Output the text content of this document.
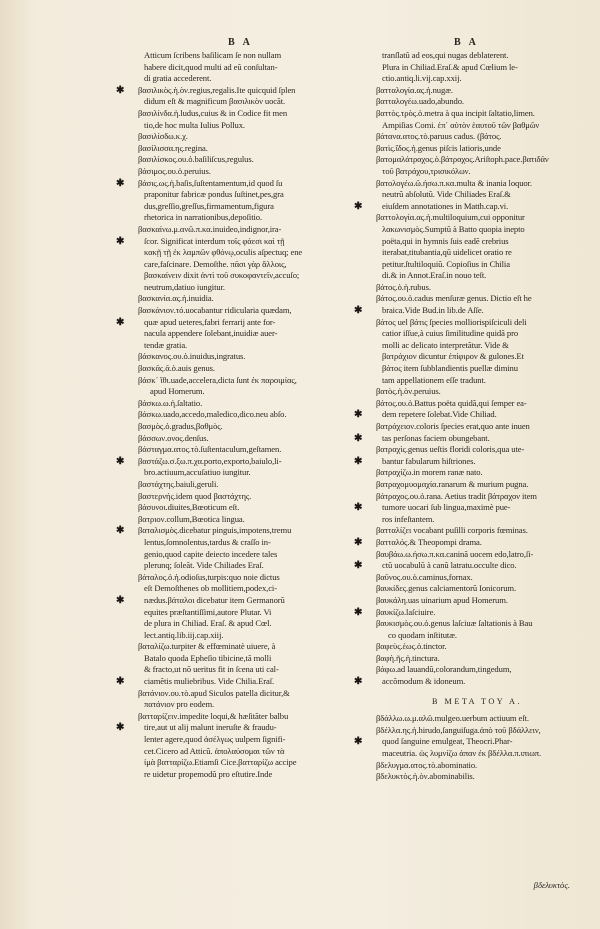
B A	B A
Atticum ſcribens baſilicam ſe non nullam
habere dicit,quod multi ad eũ conſultan-
di gratia accederent.
✱ βασιλικὸς.ἡ.ὸν.regius,regalis.Ite quicquid ſplen
didum eſt & magnificum βασιλικὸν uocãt.
βασιλίνδα.ἡ.ludus,cuius & in Codice fit men
tio,de hoc multa Iulius Pollux.
βασιλίσδω.κ.χ.
βασίλισσα.ης.regina.
βασιλίσκος.ου.ὁ.baſiliſcus,regulus.
βάσιμος.ου.ὁ.peruius.
✱ βάσις.ως.ἡ.baſis,ſuſtentamentum,id quod ſu
praponitur fabricæ pondus ſuſtinet,pes,gra
dus,greſſio,greſſus,firmamentum,figura
rhetorica in narrationibus,depoſitio.
βασκαίνω.μ.ανῶ.π.κα.inuideo,indignor,ira-
✱ ſcor. Significat interdum τοῖς φάεσι καὶ τῇ
κακῇ τῇ ἐκ λαμπῶν φθόνῳ,oculis aſpectuq; ene
care,faſcinare. Demoſthe. πᾶσι γὰρ ἄλλοις,
βασκαίνειν dixit ἀντὶ τοῦ συκοφαντεῖν,accuſo;
neutrum,datiuo iungitur.
βασκανία.ας.ἡ.inuidia.
βασκάνιον.τό.uocabantur ridicularia quædam,
✱ quæ apud ueteres,fabri ferrarij ante for-
nacula appendere ſolebant,inuidiæ auer-
tendæ gratia.
βάσκανος.ου.ὁ.inuidus,ingratus.
βασκᾶς.ᾶ.ὁ.auis genus.
βάσκ᾽ ἴθι.uade,accelera,dicta ſunt ἐκ παροιμίας,
apud Homerum.
βάσκω.ω.ἡ.ſaltatio.
βάσκω.uado,accedo,maledico,dico.neu abſo.
βασμὸς.ὁ.gradus,βαθμὸς.
βάσσων.ονος.denſus.
βάσταγμα.ατος.τὸ.ſuſtentaculum,geſtamen.
✱ βαστάζω.σ.ξω.π.χα.porto,exporto,baiulo,li-
bro.actiuum,accuſatiuo iungitur.
βαστάχτης.baiuli,geruli.
βαστερνής.idem quod βαστάχτης.
βάσυνοι.diuites,Bœoticum eſt.
βατριον.collum,Bœotica lingua.
✱ βαταλισμὸς.dicebatur pinguis,impotens,tremu
lentus,ſomnolentus,tardus & craſſo in-
genio,quod capite deiecto incedere tales
plerunq; ſoleãt. Vide Chiliades Eraſ.
βάταλος.ὁ.ἡ.odioſus,turpis:quo noie dictus
eſt Demoſthenes ob mollitiem,podex,ci-
✱ nædus.βάταλοι dicebatur item Germanorũ
equites præſtantiſſimi,autore Plutar. Vi
de plura in Chiliad. Eraſ. & apud Cœl.
lect.antiq.lib.iij.cap.xiij.
βαταλίζω.turpiter & effœminatè uiuere, à
Batalo quoda Epheſio tibicine,tã molli
& fracto,ut nõ ueritus fit in ſcena uti cal-
✱ ciamẽtis muliebribus. Vide Chilia.Eraſ.
βατάνιον.ου.τὸ.apud Siculos patella dicitur,&
πατάνιον pro eodem.
βατταρίζειν.impedite loqui,& hæſitãter balbu
✱ tire,aut ut alij malunt ineruſte & fraudu-
lenter agere,quod ἀσέλγως uulpem ſignifi-
cet.Cicero ad Atticũ. ἀπολαύσομαι τῶν τὰ
ἰμὰ βατταρίζω.Etiamſi Cice.βατταρίζω accipe
re uidetur propemodũ pro eſtutire.Inde
tranſlatũ ad eos,qui nugas deblaterent.
Plura in Chiliad.Eraſ.& apud Cœlium le-
ctio.antiq.li.vij.cap.xxij.
βατταλογία.ας.ἡ.nugæ.
βατταλογέω.uado,abundo.
βαττὸς.τρὸς.ὁ.metra à qua incipit ſaltatio,limen.
Ampiſias Comi. ἐπ᾽ αὐτὸν ἑαυτοῦ τῶν βαθμῶν
βάτανα.ατος.τὸ.paruus cadus. (βάτος.
βατὶς.ἴδος.ἡ.genus piſcis latioris,unde
βατομαλάτραχος.ὁ.βάτραχος.Ariſtoph.pace.βατιδᾶν
τοῦ βατράχου,τρισικόλων.
βατολογέω.ῶ.ήσω.π.κα.multa & inania loquor.
neutrũ abſolutũ. Vide Chiliades Eraſ.&
✱ eiuſdem annotationes in Matth.cap.vi.
βαττολογία.ας.ἡ.multiloquium,cui opponitur
λακωνισμὸς.Sumptũ à Batto quopia inepto
poëta,qui in hymnis ſuis eadẽ crebrius
iterabat,titubantia,qũ uidelicet oratio re
petitur.ſtultiloquiũ. Copioſius in Chilia
di.& in Annot.Eraſ.in nouo teſt.
βάτος.ὁ.ἡ.rubus.
βάτος.ου.ὁ.cadus menſuræ genus. Dictio eſt he
✱ braica.Vide Bud.in lib.de Aſſe.
βάτος uel βάτις ſpecies molliorispiſciculi deli
catior iſſue,à cuius ſimilitudine quidã pro
molli ac delicato interpretãtur. Vide &
βατράχιον dicuntur ἐπίφιρον & gulones.Et
βάτος item ſubblandientis puellæ diminu
tam appellationem eſſe tradunt.
βατὸς.ἡ.ὸν.peruius.
βάτος.ου.ὁ.Battus poëta quidã,qui ſemper ea-
✱ dem repetere ſolebat.Vide Chiliad.
βατράχειον.coloris ſpecies erat,quo ante inuen
✱ tas perſonas faciem obungebant.
βατραχὶς.genus ueſtis floridi coloris,qua ute-
✱ bantur fabularum hiſtriones.
βατραχίζω.in morem ranæ nato.
βατραχομυομαχία.ranarum & murium pugna.
βάτραχος.ου.ὁ.rana. Aetius tradit βάτραχον item
✱ tumore uocari ſub lingua,maximè pue-
ros infeſtantem.
βατταλίζει vocabant puſilli corporis fœminas.
✱ βατταλός.& Theopompi drama.
βαυβάω.ω.ήσω.π.κα.caninã uocem edo,latro,ſi-
✱ ctũ uocabulũ à canũ latratu.occulte dico.
βαῦνος.ου.ὁ.caminus,fornax.
βαυκίδες.genus calciamentorũ Ionicorum.
βαυκάλη.uas uinarium apud Homerum.
✱ βαυκίζω.laſciuire.
βαυκισμὸς.ου.ὁ.genus laſciuæ ſaltationis à Bau
co quodam inſtitutæ.
βαφεὺς.έως.ὁ.tinctor.
βαφὴ.ῆς.ἡ.tinctura.
βάφω.ad lauandũ,colorandum,tingedum,
✱ accõmodum & idoneum.
B META TOY A.
βδάλλω.ω.μ.αλῶ.mulgeo.uerbum actiuum eſt.
βδέλλα.ης.ἡ.hirudo,ſanguiſuga.ἀπὸ τοῦ βδάλλειν,
✱ quod ſanguine emulgeat, Theocri.Phar-
maceutria. ὡς λυμνίζω ἀπαν ἐκ βδέλλα.π.ιπιωπ.
βδελυγμα.ατος.τὸ.abominatio.
βδελυκτὸς.ἡ.ὸν.abominabilis.
βδελυκτὸς.
